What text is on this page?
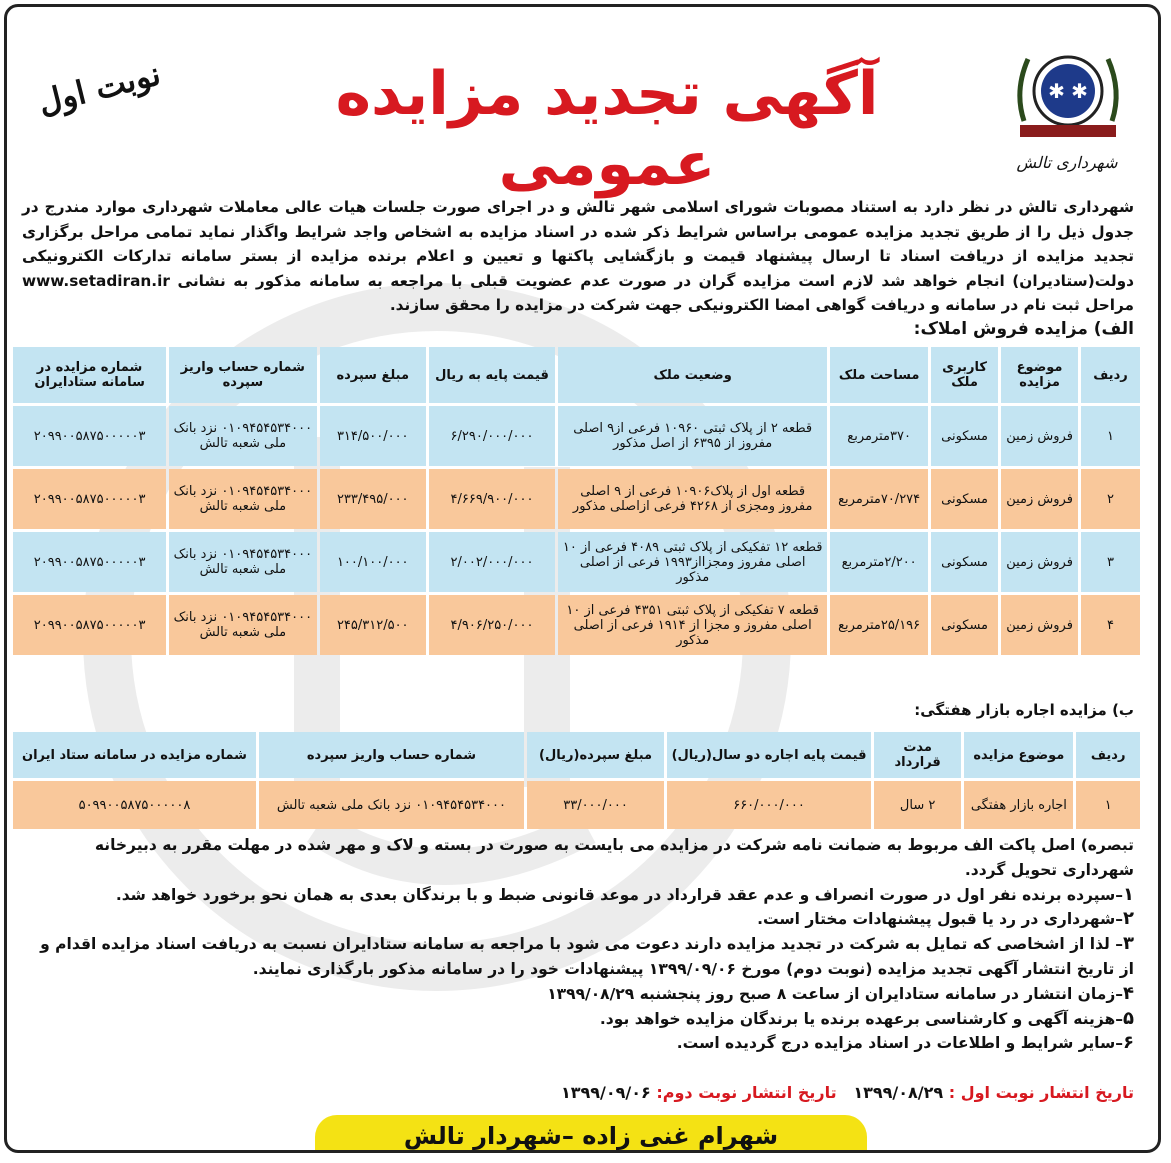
✱ ✱
شهرداری تالش
آگهی تجدید مزایده عمومی
نوبت اول
شهرداری تالش در نظر دارد به استناد مصوبات شورای اسلامی شهر تالش و در اجرای صورت جلسات هیات عالی معاملات شهرداری موارد مندرج در جدول ذیل را از طریق تجدید مزایده عمومی براساس شرایط ذکر شده در اسناد مزایده به اشخاص واجد شرایط واگذار نماید تمامی مراحل برگزاری تجدید مزایده از دریافت اسناد تا ارسال پیشنهاد قیمت و بازگشایی پاکتها و تعیین و اعلام برنده مزایده از بستر سامانه تدارکات الکترونیکی دولت(ستادیران) انجام خواهد شد لازم است مزایده گران در صورت عدم عضویت قبلی با مراجعه به سامانه مذکور به نشانی www.setadiran.ir مراحل ثبت نام در سامانه و دریافت گواهی امضا الکترونیکی جهت شرکت در مزایده را محقق سازند.
الف) مزایده فروش املاک:
ردیف	موضوع مزایده	کاربری ملک	مساحت ملک	وضعیت ملک	قیمت پایه به ریال	مبلغ سپرده	شماره حساب واریز سپرده	شماره مزایده در سامانه ستادایران
۱	فروش زمین	مسکونی	۳۷۰مترمربع	قطعه ۲ از پلاک ثبتی ۱۰۹۶۰ فرعی از۹ اصلی مفروز از ۶۳۹۵ از اصل مذکور	۶/۲۹۰/۰۰۰/۰۰۰	۳۱۴/۵۰۰/۰۰۰	۰۱۰۹۴۵۴۵۳۴۰۰۰ نزد بانک ملی شعبه تالش	۲۰۹۹۰۰۵۸۷۵۰۰۰۰۰۳
۲	فروش زمین	مسکونی	۷۰/۲۷۴مترمربع	قطعه اول از پلاک۱۰۹۰۶ فرعی از ۹ اصلی مفروز ومجزی از ۴۲۶۸ فرعی ازاصلی مذکور	۴/۶۶۹/۹۰۰/۰۰۰	۲۳۳/۴۹۵/۰۰۰	۰۱۰۹۴۵۴۵۳۴۰۰۰ نزد بانک ملی شعبه تالش	۲۰۹۹۰۰۵۸۷۵۰۰۰۰۰۳
۳	فروش زمین	مسکونی	۲/۲۰۰مترمربع	قطعه ۱۲ تفکیکی از پلاک ثبتی ۴۰۸۹ فرعی از ۱۰ اصلی مفروز ومجزااز۱۹۹۳ فرعی از اصلی مذکور	۲/۰۰۲/۰۰۰/۰۰۰	۱۰۰/۱۰۰/۰۰۰	۰۱۰۹۴۵۴۵۳۴۰۰۰ نزد بانک ملی شعبه تالش	۲۰۹۹۰۰۵۸۷۵۰۰۰۰۰۳
۴	فروش زمین	مسکونی	۲۵/۱۹۶مترمربع	قطعه ۷ تفکیکی از پلاک ثبتی ۴۳۵۱ فرعی از ۱۰ اصلی مفروز و مجزا از ۱۹۱۴ فرعی از اصلی مذکور	۴/۹۰۶/۲۵۰/۰۰۰	۲۴۵/۳۱۲/۵۰۰	۰۱۰۹۴۵۴۵۳۴۰۰۰ نزد بانک ملی شعبه تالش	۲۰۹۹۰۰۵۸۷۵۰۰۰۰۰۳
ب) مزایده اجاره بازار هفتگی:
ردیف	موضوع مزایده	مدت قرارداد	قیمت پایه اجاره دو سال(ریال)	مبلغ سپرده(ریال)	شماره حساب واریز سپرده	شماره مزایده در سامانه ستاد ایران
۱	اجاره بازار هفتگی	۲ سال	۶۶۰/۰۰۰/۰۰۰	۳۳/۰۰۰/۰۰۰	۰۱۰۹۴۵۴۵۳۴۰۰۰ نزد بانک ملی شعبه تالش	۵۰۹۹۰۰۵۸۷۵۰۰۰۰۰۸
تبصره) اصل پاکت الف مربوط به ضمانت نامه شرکت در مزایده می بایست به صورت در بسته و لاک و مهر شده در مهلت مقرر به دبیرخانه شهرداری تحویل گردد.
۱–سپرده برنده نفر اول در صورت انصراف و عدم عقد قرارداد در موعد قانونی ضبط و با برندگان بعدی به همان نحو برخورد خواهد شد.
۲–شهرداری در رد یا قبول پیشنهادات مختار است.
۳– لذا از اشخاصی که تمایل به شرکت در تجدید مزایده دارند دعوت می شود با مراجعه به سامانه ستادایران نسبت به دریافت اسناد مزایده اقدام و از تاریخ انتشار آگهی تجدید مزایده (نوبت دوم) مورخ ۱۳۹۹/۰۹/۰۶ پیشنهادات خود را در سامانه مذکور بارگذاری نمایند.
۴–زمان انتشار در سامانه ستادایران از ساعت ۸ صبح روز پنجشنبه ۱۳۹۹/۰۸/۲۹
۵–هزینه آگهی و کارشناسی برعهده برنده یا برندگان مزایده خواهد بود.
۶–سایر شرایط و اطلاعات در اسناد مزایده درج گردیده است.
تاریخ انتشار نوبت اول : ۱۳۹۹/۰۸/۲۹   تاریخ انتشار نوبت دوم: ۱۳۹۹/۰۹/۰۶
شهرام غنی زاده –شهردار تالش
